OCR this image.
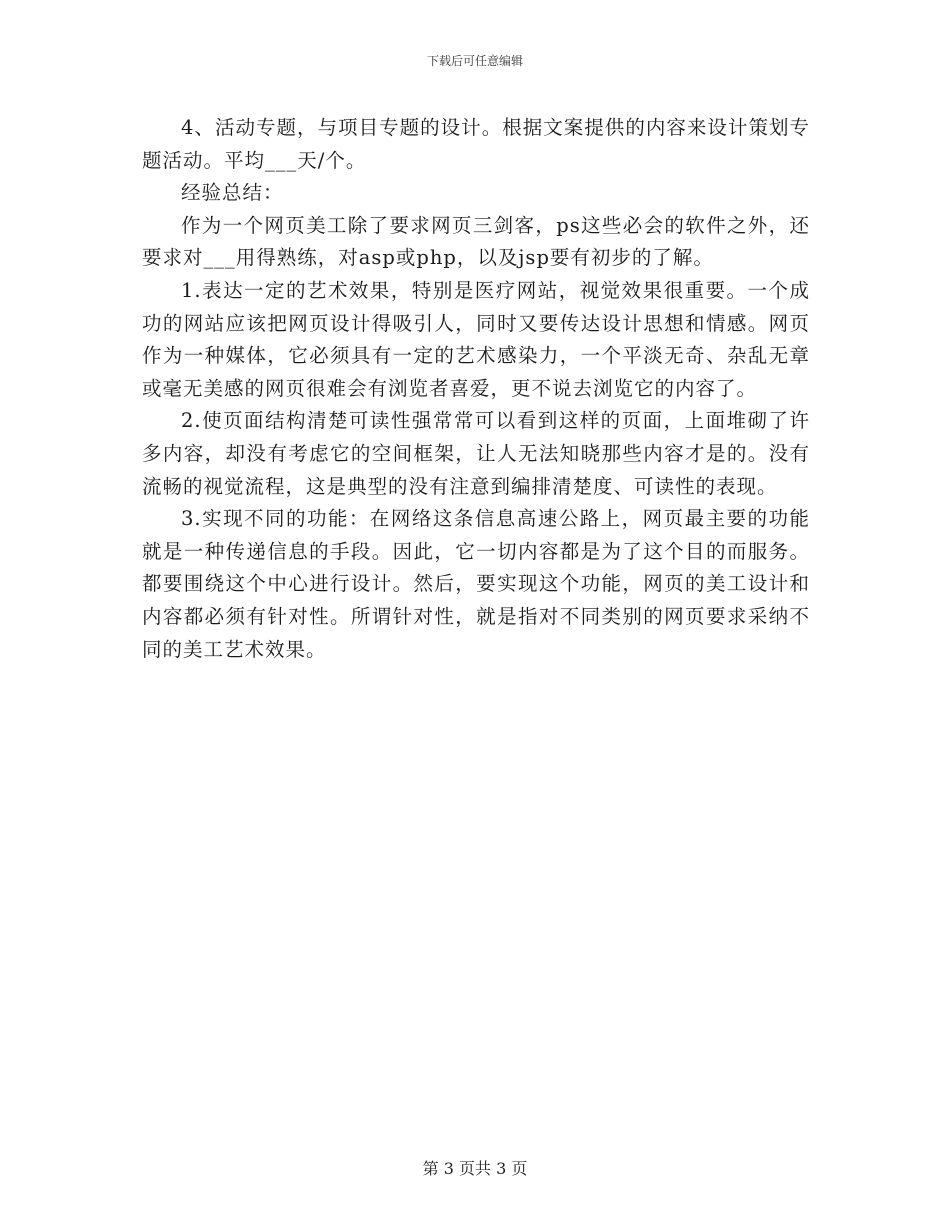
下载后可任意编辑

4、活动专题，与项目专题的设计。根据文案提供的内容来设计策划专题活动。平均___天/个。

经验总结：

作为一个网页美工除了要求网页三剑客，ps这些必会的软件之外，还要求对___用得熟练，对asp或php，以及jsp要有初步的了解。

1.表达一定的艺术效果，特别是医疗网站，视觉效果很重要。一个成功的网站应该把网页设计得吸引人，同时又要传达设计思想和情感。网页作为一种媒体，它必须具有一定的艺术感染力，一个平淡无奇、杂乱无章或毫无美感的网页很难会有浏览者喜爱，更不说去浏览它的内容了。

2.使页面结构清楚可读性强常常可以看到这样的页面，上面堆砌了许多内容，却没有考虑它的空间框架，让人无法知晓那些内容才是的。没有流畅的视觉流程，这是典型的没有注意到编排清楚度、可读性的表现。

3.实现不同的功能：在网络这条信息高速公路上，网页最主要的功能就是一种传递信息的手段。因此，它一切内容都是为了这个目的而服务。都要围绕这个中心进行设计。然后，要实现这个功能，网页的美工设计和内容都必须有针对性。所谓针对性，就是指对不同类别的网页要求采纳不同的美工艺术效果。

第 3 页共 3 页
